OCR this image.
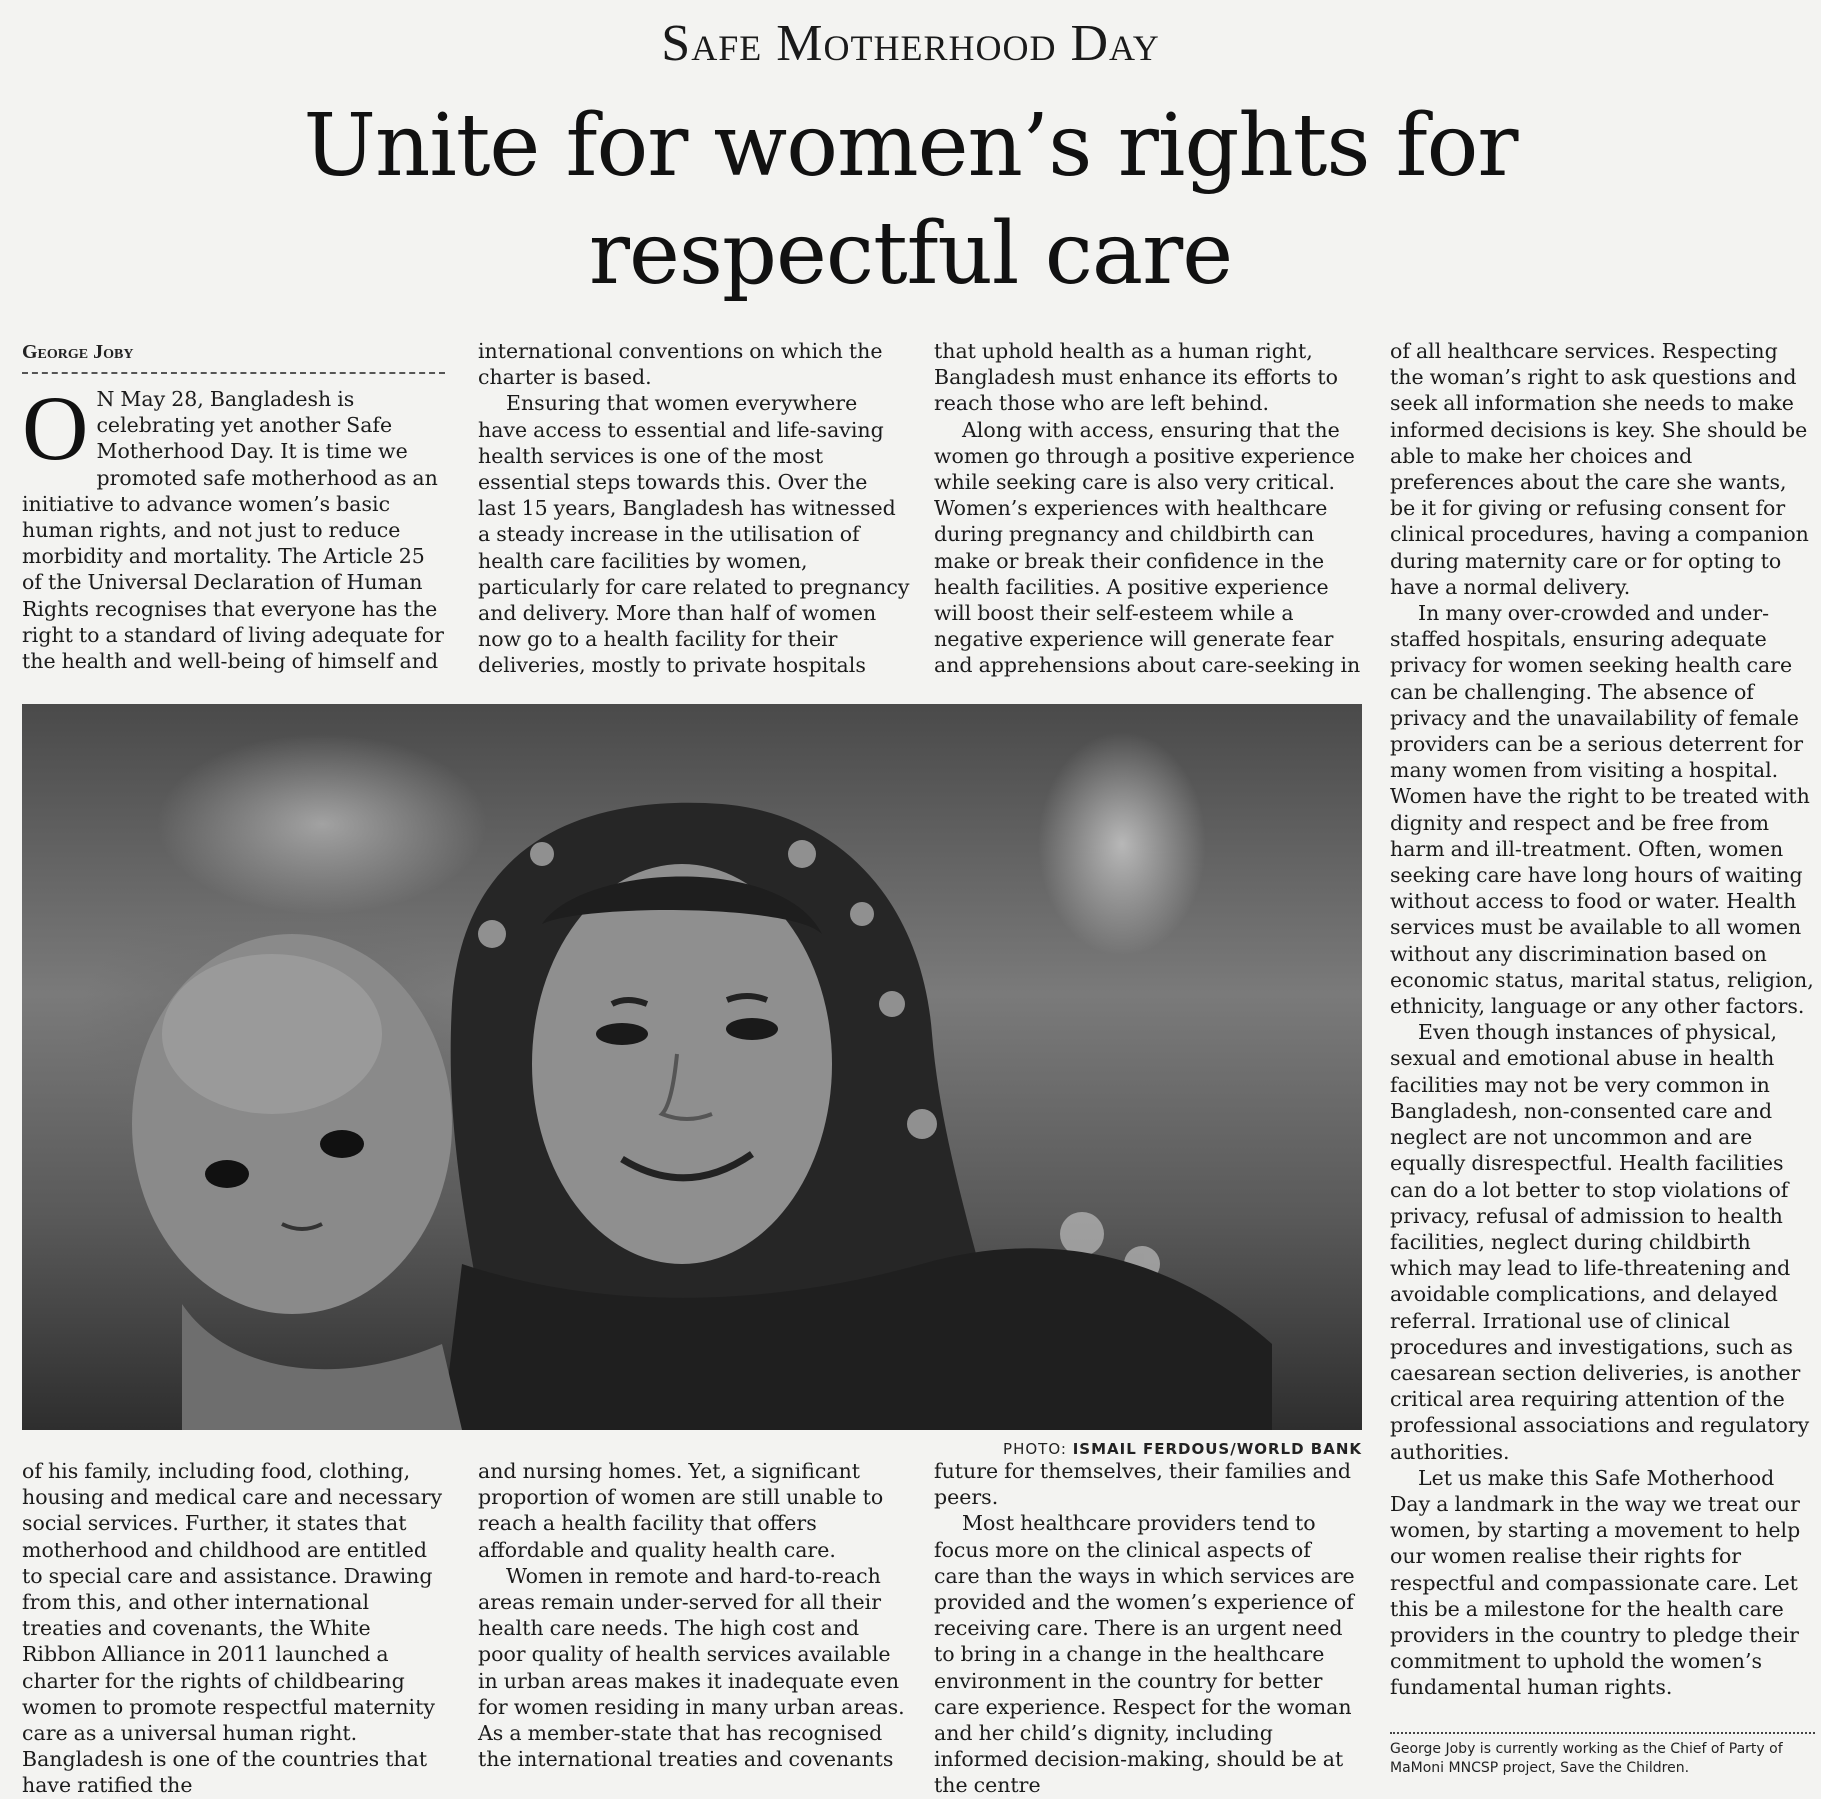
Safe Motherhood Day
Unite for women’s rights for
respectful care
George Joby
O N May 28, Bangladesh is celebrating yet another Safe Motherhood Day. It is time we promoted safe motherhood as an initiative to advance women’s basic human rights, and not just to reduce morbidity and mortality. The Article 25 of the Universal Declaration of Human Rights recognises that everyone has the right to a standard of living adequate for the health and well-being of himself and

international conventions on which the charter is based.

Ensuring that women everywhere have access to essential and life-saving health services is one of the most essential steps towards this. Over the last 15 years, Bangladesh has witnessed a steady increase in the utilisation of health care facilities by women, particularly for care related to pregnancy and delivery. More than half of women now go to a health facility for their deliveries, mostly to private hospitals

that uphold health as a human right, Bangladesh must enhance its efforts to reach those who are left behind.

Along with access, ensuring that the women go through a positive experience while seeking care is also very critical. Women’s experiences with healthcare during pregnancy and childbirth can make or break their confidence in the health facilities. A positive experience will boost their self-esteem while a negative experience will generate fear and apprehensions about care-seeking in

of all healthcare services. Respecting the woman’s right to ask questions and seek all information she needs to make informed decisions is key. She should be able to make her choices and preferences about the care she wants, be it for giving or refusing consent for clinical procedures, having a companion during maternity care or for opting to have a normal delivery.

In many over-crowded and under-staffed hospitals, ensuring adequate privacy for women seeking health care can be challenging. The absence of privacy and the unavailability of female providers can be a serious deterrent for many women from visiting a hospital. Women have the right to be treated with dignity and respect and be free from harm and ill-treatment. Often, women seeking care have long hours of waiting without access to food or water. Health services must be available to all women without any discrimination based on economic status, marital status, religion, ethnicity, language or any other factors.

Even though instances of physical, sexual and emotional abuse in health facilities may not be very common in Bangladesh, non-consented care and neglect are not uncommon and are equally disrespectful. Health facilities can do a lot better to stop violations of privacy, refusal of admission to health facilities, neglect during childbirth which may lead to life-threatening and avoidable complications, and delayed referral. Irrational use of clinical procedures and investigations, such as caesarean section deliveries, is another critical area requiring attention of the professional associations and regulatory authorities.

Let us make this Safe Motherhood Day a landmark in the way we treat our women, by starting a movement to help our women realise their rights for respectful and compassionate care. Let this be a milestone for the health care providers in the country to pledge their commitment to uphold the women’s fundamental human rights.

PHOTO: ISMAIL FERDOUS/WORLD BANK

of his family, including food, clothing, housing and medical care and necessary social services. Further, it states that motherhood and childhood are entitled to special care and assistance. Drawing from this, and other international treaties and covenants, the White Ribbon Alliance in 2011 launched a charter for the rights of childbearing women to promote respectful maternity care as a universal human right. Bangladesh is one of the countries that have ratified the

and nursing homes. Yet, a significant proportion of women are still unable to reach a health facility that offers affordable and quality health care.

Women in remote and hard-to-reach areas remain under-served for all their health care needs. The high cost and poor quality of health services available in urban areas makes it inadequate even for women residing in many urban areas. As a member-state that has recognised the international treaties and covenants

future for themselves, their families and peers.

Most healthcare providers tend to focus more on the clinical aspects of care than the ways in which services are provided and the women’s experience of receiving care. There is an urgent need to bring in a change in the healthcare environment in the country for better care experience. Respect for the woman and her child’s dignity, including informed decision-making, should be at the centre

George Joby is currently working as the Chief of Party of MaMoni MNCSP project, Save the Children.
